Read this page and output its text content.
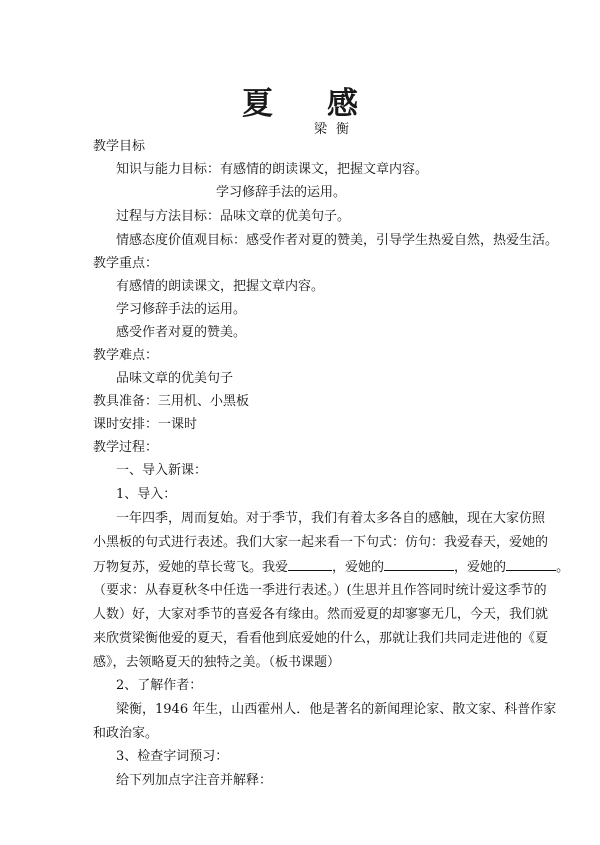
夏感
梁衡
教学目标
知识与能力目标：有感情的朗读课文，把握文章内容。
学习修辞手法的运用。
过程与方法目标：品味文章的优美句子。
情感态度价值观目标：感受作者对夏的赞美，引导学生热爱自然，热爱生活。
教学重点：
有感情的朗读课文，把握文章内容。
学习修辞手法的运用。
感受作者对夏的赞美。
教学难点：
品味文章的优美句子
教具准备：三用机、小黑板
课时安排：一课时
教学过程：
一、导入新课：
1、导入：
一年四季，周而复始。对于季节，我们有着太多各自的感触，现在大家仿照
小黑板的句式进行表述。我们大家一起来看一下句式：仿句：我爱春天，爱她的
万物复苏，爱她的草长莺飞。我爱	，爱她的	，爱她的	。
（要求：从春夏秋冬中任选一季进行表述。）(生思并且作答同时统计爱这季节的
人数）好，大家对季节的喜爱各有缘由。然而爱夏的却寥寥无几，今天，我们就
来欣赏梁衡他爱的夏天，看看他到底爱她的什么，那就让我们共同走进他的《夏
感》，去领略夏天的独特之美。（板书课题）
2、了解作者：
梁衡，1946 年生，山西霍州人．他是著名的新闻理论家、散文家、科普作家
和政治家。
3、检查字词预习：
给下列加点字注音并解释：
